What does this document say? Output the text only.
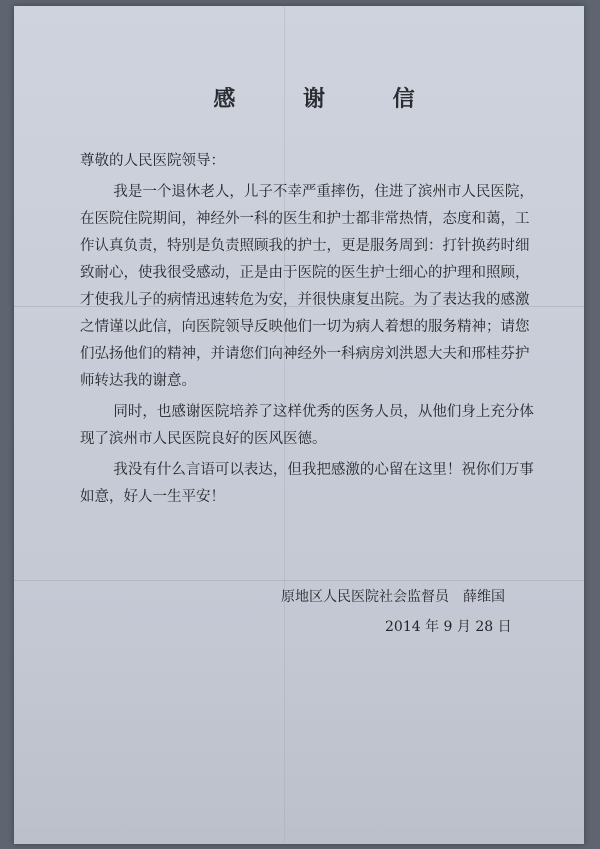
感 谢 信

尊敬的人民医院领导：

我是一个退休老人，儿子不幸严重摔伤，住进了滨州市人民医院，在医院住院期间，神经外一科的医生和护士都非常热情，态度和蔼，工作认真负责，特别是负责照顾我的护士，更是服务周到：打针换药时细致耐心，使我很受感动，正是由于医院的医生护士细心的护理和照顾，才使我儿子的病情迅速转危为安，并很快康复出院。为了表达我的感激之情谨以此信，向医院领导反映他们一切为病人着想的服务精神；请您们弘扬他们的精神，并请您们向神经外一科病房刘洪恩大夫和邢桂芬护师转达我的谢意。

同时，也感谢医院培养了这样优秀的医务人员，从他们身上充分体现了滨州市人民医院良好的医风医德。

我没有什么言语可以表达，但我把感激的心留在这里！祝你们万事如意，好人一生平安！

原地区人民医院社会监督员　薛维国
2014 年 9 月 28 日
